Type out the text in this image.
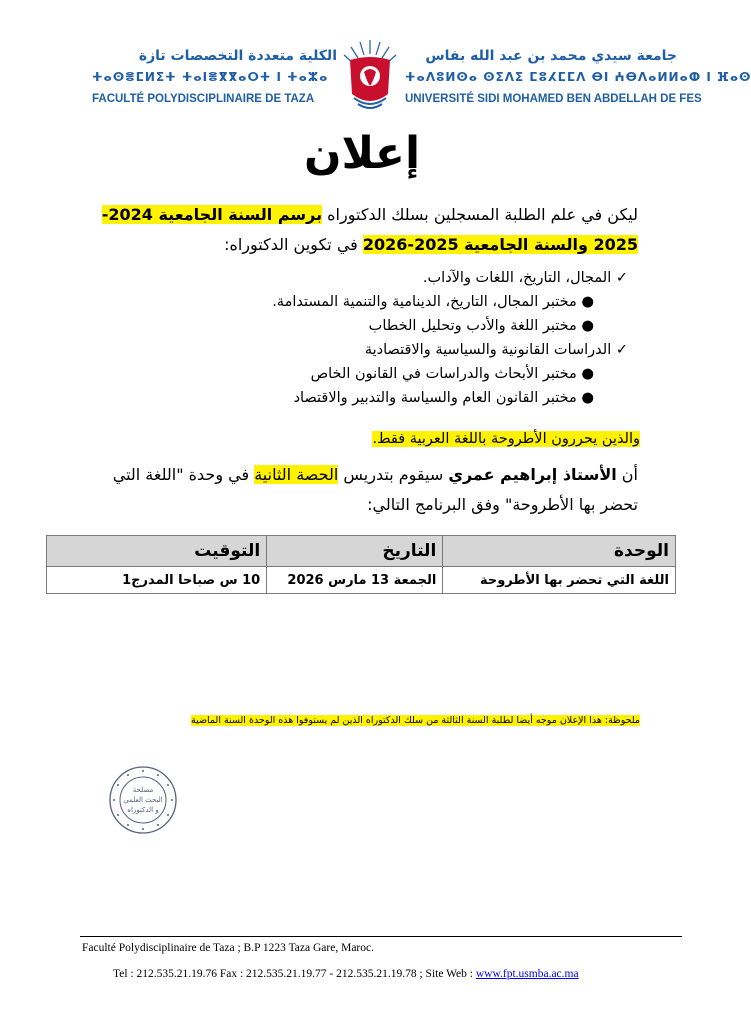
الكلية متعددة التخصصات تازة
ⵜⴰⵙⴻⵎⵍⵉⵜ ⵜⴰⵏⴻⴳⴳⴰⵔⵜ ⵏ ⵜⴰⵣⴰ
FACULTÉ POLYDISCIPLINAIRE DE TAZA
جامعة سيدي محمد بن عبد الله بفاس
ⵜⴰⴷⵓⵍⵙⴰ ⵙⵉⴷⵉ ⵎⵓⵃⵎⵎⴷ ⴱⵏ ⵄⴱⴷⴰⵍⵍⴰⵀ ⵏ ⴼⴰⵙ
UNIVERSITÉ SIDI MOHAMED BEN ABDELLAH DE FES
إعلان
ليكن في علم الطلبة المسجلين بسلك الدكتوراه برسم السنة الجامعية 2024-2025 والسنة الجامعية 2025-2026 في تكوين الدكتوراه:
✓ المجال، التاريخ، اللغات والآداب.
● مختبر المجال، التاريخ، الدينامية والتنمية المستدامة.
● مختبر اللغة والأدب وتحليل الخطاب
✓ الدراسات القانونية والسياسية والاقتصادية
● مختبر الأبحاث والدراسات في القانون الخاص
● مختبر القانون العام والسياسة والتدبير والاقتصاد
والذين يحررون الأطروحة باللغة العربية فقط.
أن الأستاذ إبراهيم عمري سيقوم بتدريس الحصة الثانية في وحدة "اللغة التي تحضر بها الأطروحة" وفق البرنامج التالي:
الوحدة	التاريخ	التوقيت
اللغة التي تحضر بها الأطروحة	الجمعة 13 مارس 2026	10 س صباحا المدرج1
ملحوظة: هذا الإعلان موجه أيضا لطلبة السنة الثالثة من سلك الدكتوراه الذين لم يستوفوا هذه الوحدة السنة الماضية
مصلحة
البحث العلمي
و الدكتوراه
Faculté Polydisciplinaire de Taza ; B.P 1223 Taza Gare, Maroc.
Tel : 212.535.21.19.76 Fax : 212.535.21.19.77 - 212.535.21.19.78 ; Site Web : www.fpt.usmba.ac.ma
